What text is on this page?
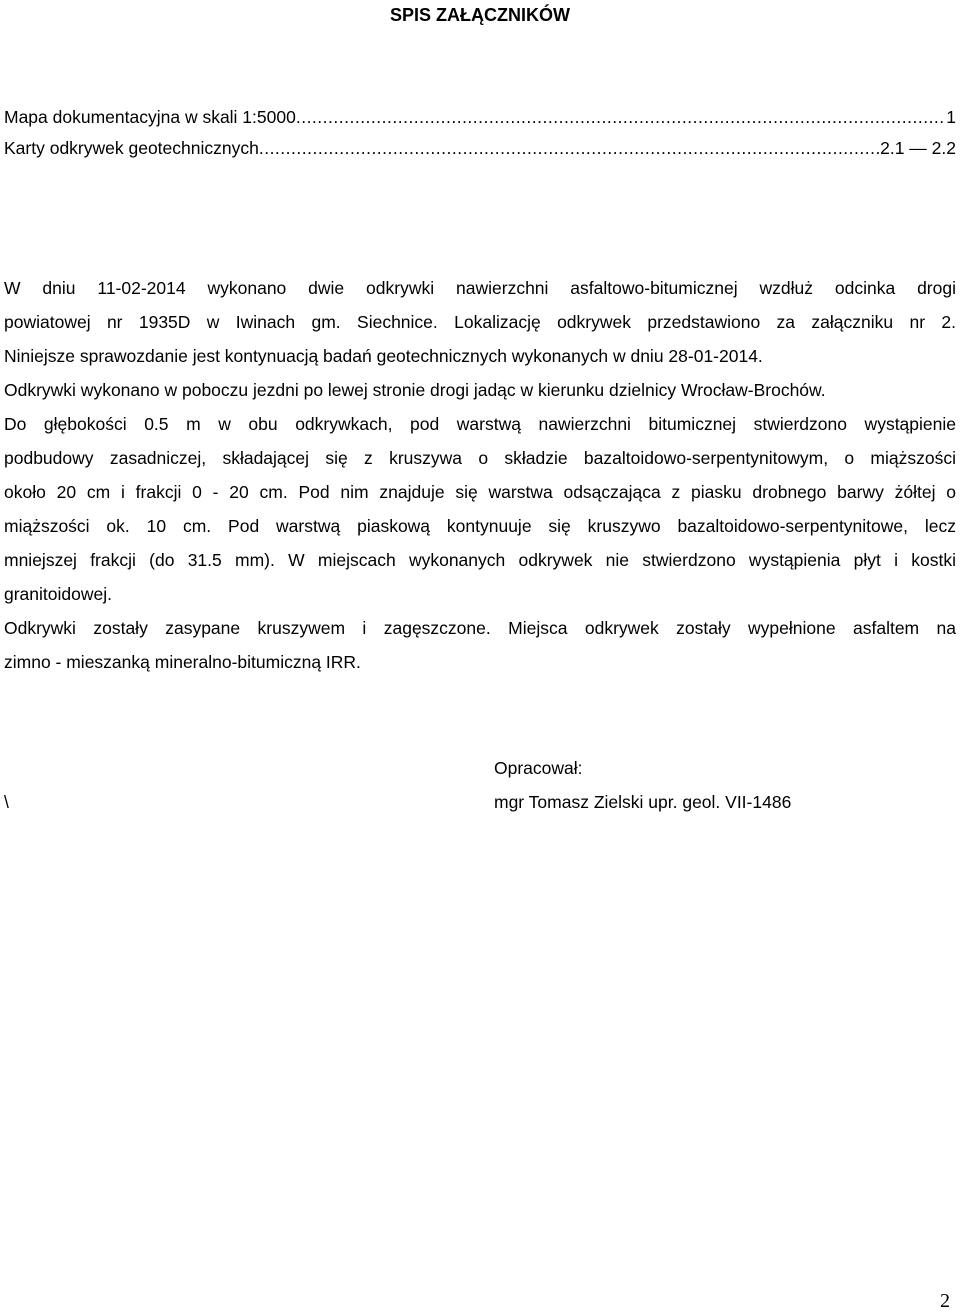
SPIS ZAŁĄCZNIKÓW
Mapa dokumentacyjna w skali 1:5000 .....	1
Karty odkrywek geotechnicznych .....	2.1 — 2.2
W dniu 11-02-2014 wykonano dwie odkrywki nawierzchni asfaltowo-bitumicznej wzdłuż odcinka drogi
powiatowej nr 1935D w Iwinach gm. Siechnice. Lokalizację odkrywek przedstawiono za załączniku nr 2.
Niniejsze sprawozdanie jest kontynuacją badań geotechnicznych wykonanych w dniu 28-01-2014.
Odkrywki wykonano w poboczu jezdni po lewej stronie drogi jadąc w kierunku dzielnicy Wrocław-Brochów.
Do głębokości 0.5 m w obu odkrywkach, pod warstwą nawierzchni bitumicznej stwierdzono wystąpienie
podbudowy zasadniczej, składającej się z kruszywa o składzie bazaltoidowo-serpentynitowym, o miąższości
około 20 cm i frakcji 0 - 20 cm. Pod nim znajduje się warstwa odsączająca z piasku drobnego barwy żółtej o
miąższości ok. 10 cm. Pod warstwą piaskową kontynuuje się kruszywo bazaltoidowo-serpentynitowe, lecz
mniejszej frakcji (do 31.5 mm). W miejscach wykonanych odkrywek nie stwierdzono wystąpienia płyt i kostki
granitoidowej.
Odkrywki zostały zasypane kruszywem i zagęszczone. Miejsca odkrywek zostały wypełnione asfaltem na
zimno - mieszanką mineralno-bitumiczną IRR.
Opracował:
\	mgr Tomasz Zielski upr. geol. VII-1486
2
